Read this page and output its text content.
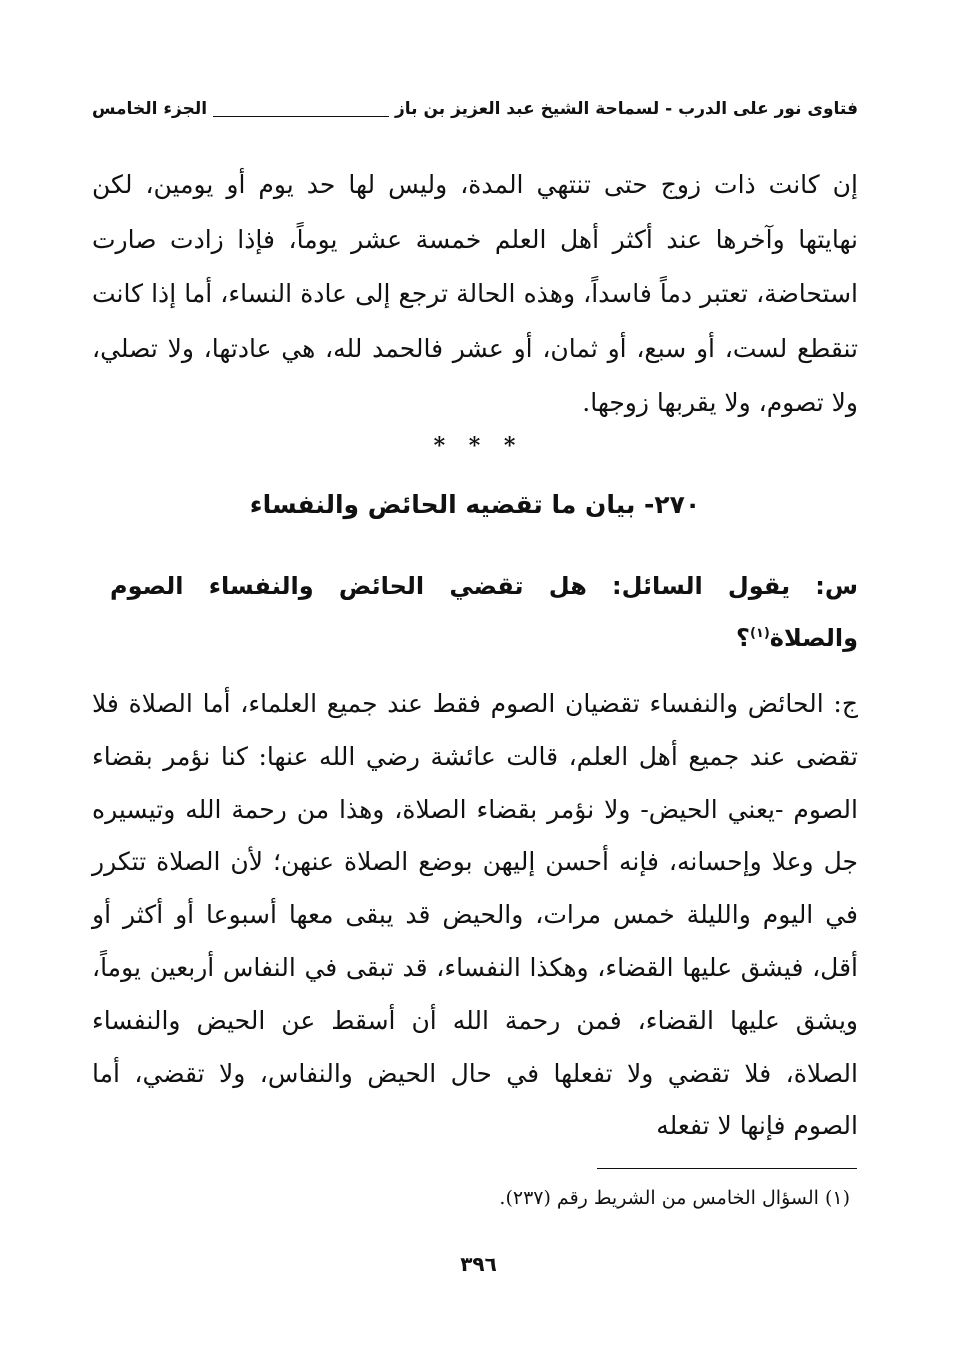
فتاوى نور على الدرب - لسماحة الشيخ عبد العزيز بن باز
الجزء الخامس
إن كانت ذات زوج حتى تنتهي المدة، وليس لها حد يوم أو يومين، لكن نهايتها وآخرها عند أكثر أهل العلم خمسة عشر يوماً، فإذا زادت صارت استحاضة، تعتبر دماً فاسداً، وهذه الحالة ترجع إلى عادة النساء، أما إذا كانت تنقطع لست، أو سبع، أو ثمان، أو عشر فالحمد لله، هي عادتها، ولا تصلي، ولا تصوم، ولا يقربها زوجها.
* * *
٢٧٠- بيان ما تقضيه الحائض والنفساء
س: يقول السائل: هل تقضي الحائض والنفساء الصوم والصلاة$^{(١)}$؟
ج: الحائض والنفساء تقضيان الصوم فقط عند جميع العلماء، أما الصلاة فلا تقضى عند جميع أهل العلم، قالت عائشة رضي الله عنها: كنا نؤمر بقضاء الصوم -يعني الحيض- ولا نؤمر بقضاء الصلاة، وهذا من رحمة الله وتيسيره جل وعلا وإحسانه، فإنه أحسن إليهن بوضع الصلاة عنهن؛ لأن الصلاة تتكرر في اليوم والليلة خمس مرات، والحيض قد يبقى معها أسبوعا أو أكثر أو أقل، فيشق عليها القضاء، وهكذا النفساء، قد تبقى في النفاس أربعين يوماً، ويشق عليها القضاء، فمن رحمة الله أن أسقط عن الحيض والنفساء الصلاة، فلا تقضي ولا تفعلها في حال الحيض والنفاس، ولا تقضي، أما الصوم فإنها لا تفعله
(١) السؤال الخامس من الشريط رقم (٢٣٧).
٣٩٦
